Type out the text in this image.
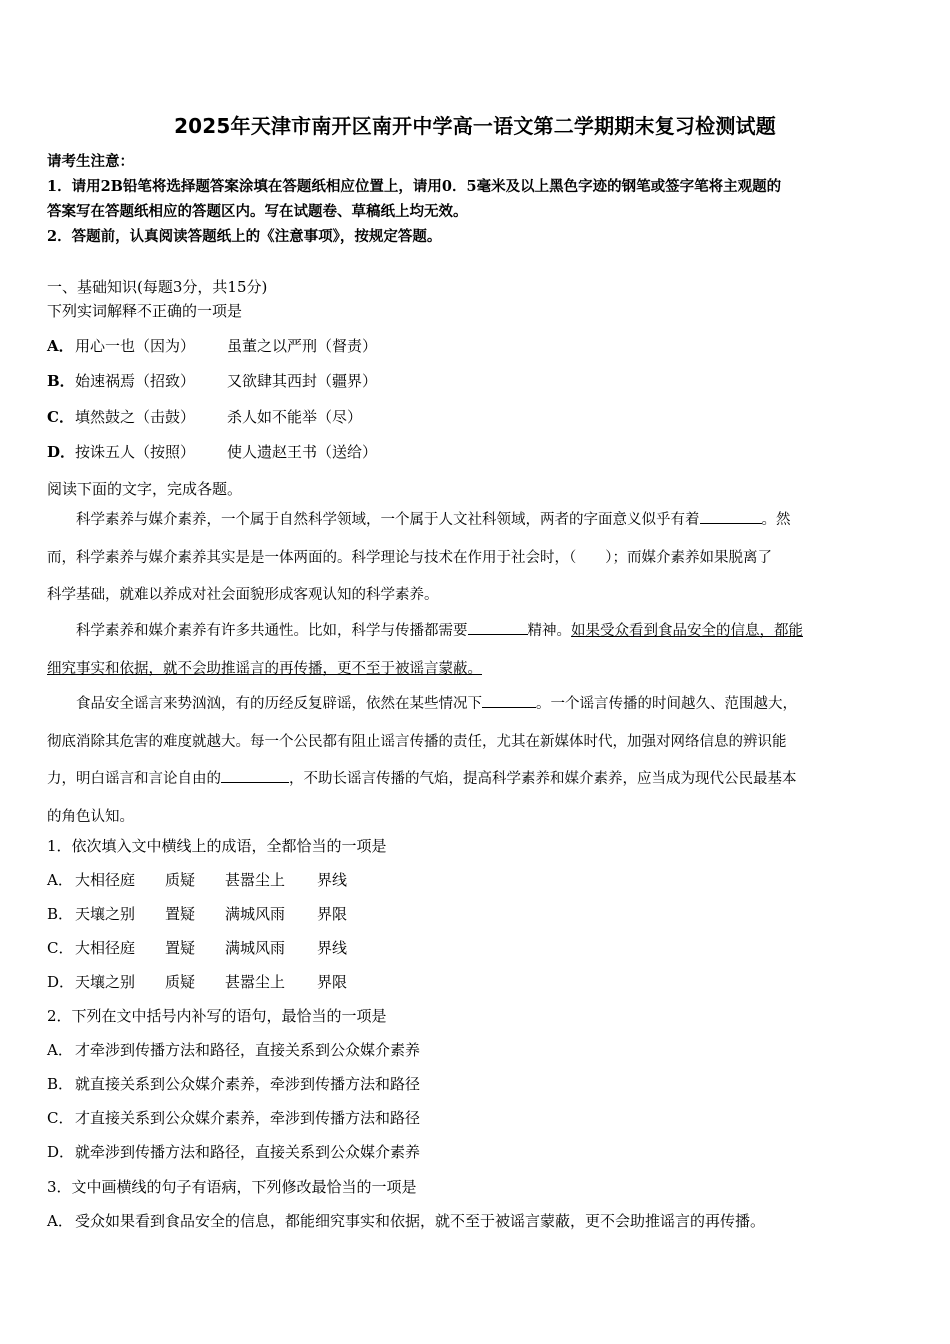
2025年天津市南开区南开中学高一语文第二学期期末复习检测试题
请考生注意：
1．请用2B铅笔将选择题答案涂填在答题纸相应位置上，请用0．5毫米及以上黑色字迹的钢笔或签字笔将主观题的
答案写在答题纸相应的答题区内。写在试题卷、草稿纸上均无效。
2．答题前，认真阅读答题纸上的《注意事项》，按规定答题。
一、基础知识(每题3分，共15分)
下列实词解释不正确的一项是
A．用心一也（因为） 虽董之以严刑（督责）
B．始速祸焉（招致） 又欲肆其西封（疆界）
C．填然鼓之（击鼓） 杀人如不能举（尽）
D．按诛五人（按照） 使人遗赵王书（送给）
阅读下面的文字，完成各题。
科学素养与媒介素养，一个属于自然科学领域，一个属于人文社科领域，两者的字面意义似乎有着	。然
而，科学素养与媒介素养其实是是一体两面的。科学理论与技术在作用于社会时，（　　）；而媒介素养如果脱离了
科学基础，就难以养成对社会面貌形成客观认知的科学素养。
科学素养和媒介素养有许多共通性。比如，科学与传播都需要	精神。如果受众看到食品安全的信息，都能
细究事实和依据，就不会助推谣言的再传播，更不至于被谣言蒙蔽。
食品安全谣言来势汹汹，有的历经反复辟谣，依然在某些情况下	。一个谣言传播的时间越久、范围越大，
彻底消除其危害的难度就越大。每一个公民都有阻止谣言传播的责任，尤其在新媒体时代，加强对网络信息的辨识能
力，明白谣言和言论自由的	，不助长谣言传播的气焰，提高科学素养和媒介素养，应当成为现代公民最基本
的角色认知。
1．依次填入文中横线上的成语，全都恰当的一项是
A． 大相径庭 质疑 甚嚣尘上 界线
B． 天壤之别 置疑 满城风雨 界限
C． 大相径庭 置疑 满城风雨 界线
D．天壤之别 质疑 甚嚣尘上 界限
2．下列在文中括号内补写的语句，最恰当的一项是
A． 才牵涉到传播方法和路径，直接关系到公众媒介素养
B． 就直接关系到公众媒介素养，牵涉到传播方法和路径
C． 才直接关系到公众媒介素养，牵涉到传播方法和路径
D．就牵涉到传播方法和路径，直接关系到公众媒介素养
3．文中画横线的句子有语病，下列修改最恰当的一项是
A． 受众如果看到食品安全的信息，都能细究事实和依据，就不至于被谣言蒙蔽，更不会助推谣言的再传播。
